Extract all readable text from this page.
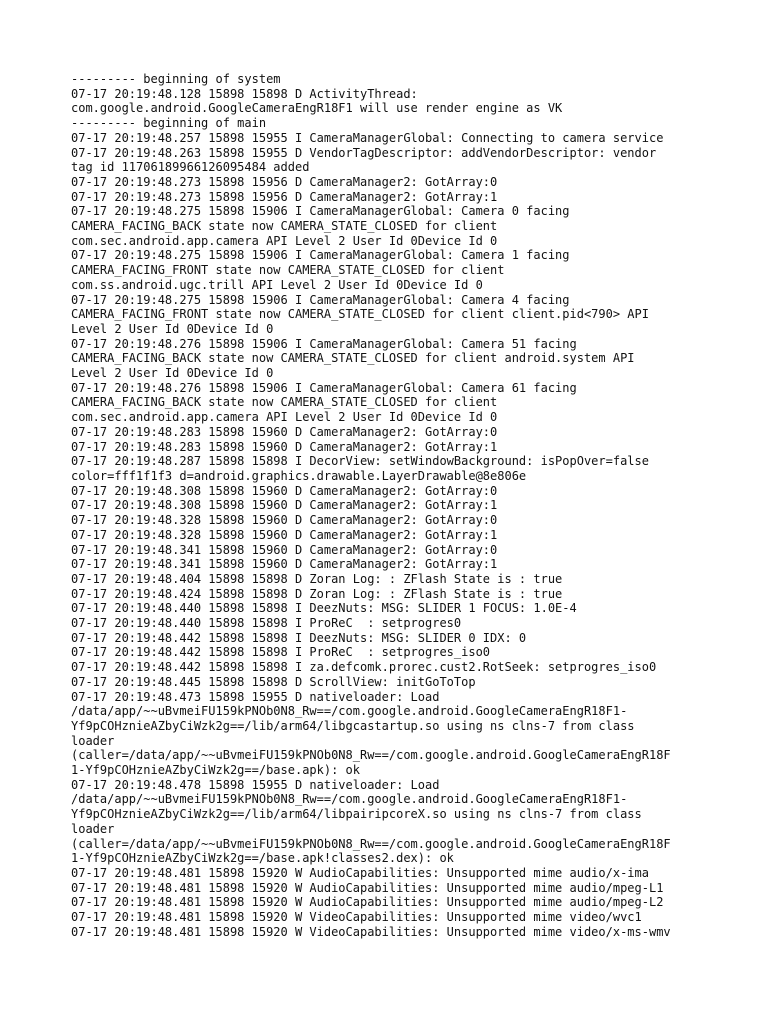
--------- beginning of system
07-17 20:19:48.128 15898 15898 D ActivityThread:
com.google.android.GoogleCameraEngR18F1 will use render engine as VK
--------- beginning of main
07-17 20:19:48.257 15898 15955 I CameraManagerGlobal: Connecting to camera service
07-17 20:19:48.263 15898 15955 D VendorTagDescriptor: addVendorDescriptor: vendor
tag id 11706189966126095484 added
07-17 20:19:48.273 15898 15956 D CameraManager2: GotArray:0
07-17 20:19:48.273 15898 15956 D CameraManager2: GotArray:1
07-17 20:19:48.275 15898 15906 I CameraManagerGlobal: Camera 0 facing
CAMERA_FACING_BACK state now CAMERA_STATE_CLOSED for client
com.sec.android.app.camera API Level 2 User Id 0Device Id 0
07-17 20:19:48.275 15898 15906 I CameraManagerGlobal: Camera 1 facing
CAMERA_FACING_FRONT state now CAMERA_STATE_CLOSED for client
com.ss.android.ugc.trill API Level 2 User Id 0Device Id 0
07-17 20:19:48.275 15898 15906 I CameraManagerGlobal: Camera 4 facing
CAMERA_FACING_FRONT state now CAMERA_STATE_CLOSED for client client.pid<790> API
Level 2 User Id 0Device Id 0
07-17 20:19:48.276 15898 15906 I CameraManagerGlobal: Camera 51 facing
CAMERA_FACING_BACK state now CAMERA_STATE_CLOSED for client android.system API
Level 2 User Id 0Device Id 0
07-17 20:19:48.276 15898 15906 I CameraManagerGlobal: Camera 61 facing
CAMERA_FACING_BACK state now CAMERA_STATE_CLOSED for client
com.sec.android.app.camera API Level 2 User Id 0Device Id 0
07-17 20:19:48.283 15898 15960 D CameraManager2: GotArray:0
07-17 20:19:48.283 15898 15960 D CameraManager2: GotArray:1
07-17 20:19:48.287 15898 15898 I DecorView: setWindowBackground: isPopOver=false
color=fff1f1f3 d=android.graphics.drawable.LayerDrawable@8e806e
07-17 20:19:48.308 15898 15960 D CameraManager2: GotArray:0
07-17 20:19:48.308 15898 15960 D CameraManager2: GotArray:1
07-17 20:19:48.328 15898 15960 D CameraManager2: GotArray:0
07-17 20:19:48.328 15898 15960 D CameraManager2: GotArray:1
07-17 20:19:48.341 15898 15960 D CameraManager2: GotArray:0
07-17 20:19:48.341 15898 15960 D CameraManager2: GotArray:1
07-17 20:19:48.404 15898 15898 D Zoran Log: : ZFlash State is : true
07-17 20:19:48.424 15898 15898 D Zoran Log: : ZFlash State is : true
07-17 20:19:48.440 15898 15898 I DeezNuts: MSG: SLIDER 1 FOCUS: 1.0E-4
07-17 20:19:48.440 15898 15898 I ProReC  : setprogres0
07-17 20:19:48.442 15898 15898 I DeezNuts: MSG: SLIDER 0 IDX: 0
07-17 20:19:48.442 15898 15898 I ProReC  : setprogres_iso0
07-17 20:19:48.442 15898 15898 I za.defcomk.prorec.cust2.RotSeek: setprogres_iso0
07-17 20:19:48.445 15898 15898 D ScrollView: initGoToTop
07-17 20:19:48.473 15898 15955 D nativeloader: Load
/data/app/~~uBvmeiFU159kPNOb0N8_Rw==/com.google.android.GoogleCameraEngR18F1-
Yf9pCOHznieAZbyCiWzk2g==/lib/arm64/libgcastartup.so using ns clns-7 from class
loader
(caller=/data/app/~~uBvmeiFU159kPNOb0N8_Rw==/com.google.android.GoogleCameraEngR18F
1-Yf9pCOHznieAZbyCiWzk2g==/base.apk): ok
07-17 20:19:48.478 15898 15955 D nativeloader: Load
/data/app/~~uBvmeiFU159kPNOb0N8_Rw==/com.google.android.GoogleCameraEngR18F1-
Yf9pCOHznieAZbyCiWzk2g==/lib/arm64/libpairipcoreX.so using ns clns-7 from class
loader
(caller=/data/app/~~uBvmeiFU159kPNOb0N8_Rw==/com.google.android.GoogleCameraEngR18F
1-Yf9pCOHznieAZbyCiWzk2g==/base.apk!classes2.dex): ok
07-17 20:19:48.481 15898 15920 W AudioCapabilities: Unsupported mime audio/x-ima
07-17 20:19:48.481 15898 15920 W AudioCapabilities: Unsupported mime audio/mpeg-L1
07-17 20:19:48.481 15898 15920 W AudioCapabilities: Unsupported mime audio/mpeg-L2
07-17 20:19:48.481 15898 15920 W VideoCapabilities: Unsupported mime video/wvc1
07-17 20:19:48.481 15898 15920 W VideoCapabilities: Unsupported mime video/x-ms-wmv
